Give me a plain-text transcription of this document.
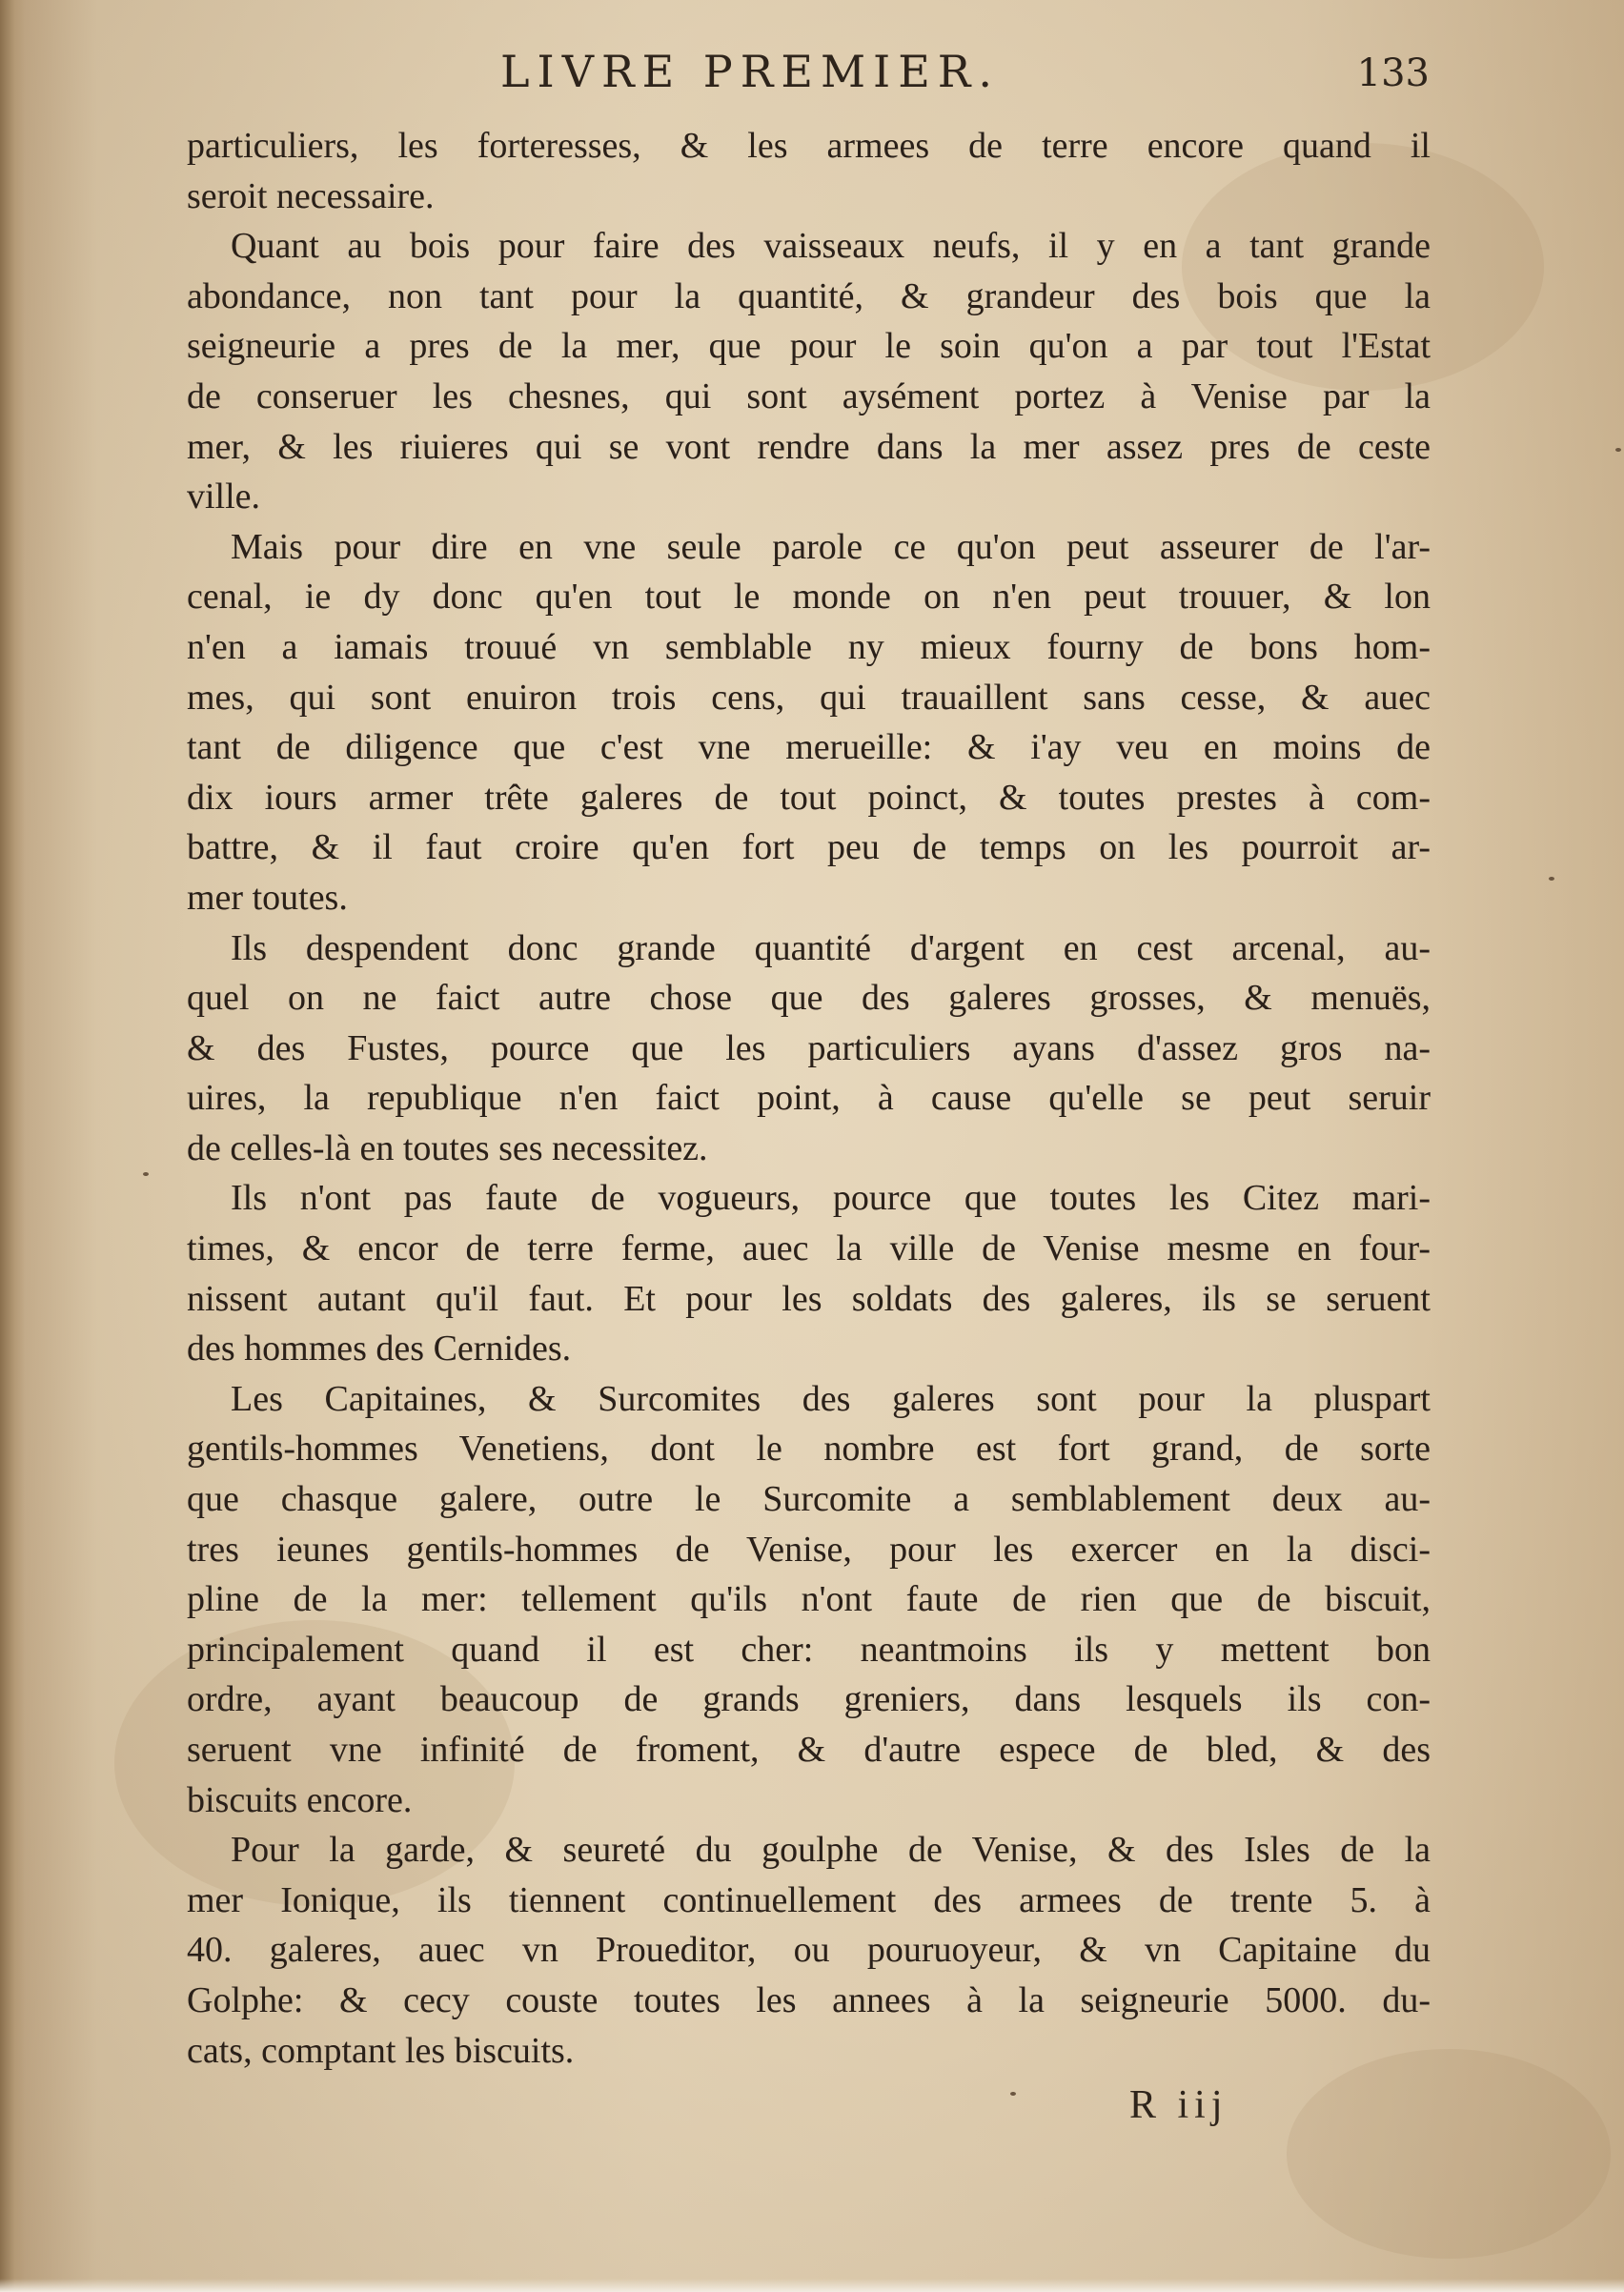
LIVRE PREMIER.	133
particuliers, les forteresses, & les armees de terre encore quand il
seroit necessaire.
Quant au bois pour faire des vaisseaux neufs, il y en a tant grande
abondance, non tant pour la quantité, & grandeur des bois que la
seigneurie a pres de la mer, que pour le soin qu'on a par tout l'Estat
de conseruer les chesnes, qui sont aysément portez à Venise par la
mer, & les riuieres qui se vont rendre dans la mer assez pres de ceste
ville.
Mais pour dire en vne seule parole ce qu'on peut asseurer de l'ar-
cenal, ie dy donc qu'en tout le monde on n'en peut trouuer, & lon
n'en a iamais trouué vn semblable ny mieux fourny de bons hom-
mes, qui sont enuiron trois cens, qui trauaillent sans cesse, & auec
tant de diligence que c'est vne merueille: & i'ay veu en moins de
dix iours armer trête galeres de tout poinct, & toutes prestes à com-
battre, & il faut croire qu'en fort peu de temps on les pourroit ar-
mer toutes.
Ils despendent donc grande quantité d'argent en cest arcenal, au-
quel on ne faict autre chose que des galeres grosses, & menuës,
& des Fustes, pource que les particuliers ayans d'assez gros na-
uires, la republique n'en faict point, à cause qu'elle se peut seruir
de celles-là en toutes ses necessitez.
Ils n'ont pas faute de vogueurs, pource que toutes les Citez mari-
times, & encor de terre ferme, auec la ville de Venise mesme en four-
nissent autant qu'il faut. Et pour les soldats des galeres, ils se seruent
des hommes des Cernides.
Les Capitaines, & Surcomites des galeres sont pour la pluspart
gentils-hommes Venetiens, dont le nombre est fort grand, de sorte
que chasque galere, outre le Surcomite a semblablement deux au-
tres ieunes gentils-hommes de Venise, pour les exercer en la disci-
pline de la mer: tellement qu'ils n'ont faute de rien que de biscuit,
principalement quand il est cher: neantmoins ils y mettent bon
ordre, ayant beaucoup de grands greniers, dans lesquels ils con-
seruent vne infinité de froment, & d'autre espece de bled, & des
biscuits encore.
Pour la garde, & seureté du goulphe de Venise, & des Isles de la
mer Ionique, ils tiennent continuellement des armees de trente 5. à
40. galeres, auec vn Proueditor, ou pouruoyeur, & vn Capitaine du
Golphe: & cecy couste toutes les annees à la seigneurie 5000. du-
cats, comptant les biscuits.
R iij
